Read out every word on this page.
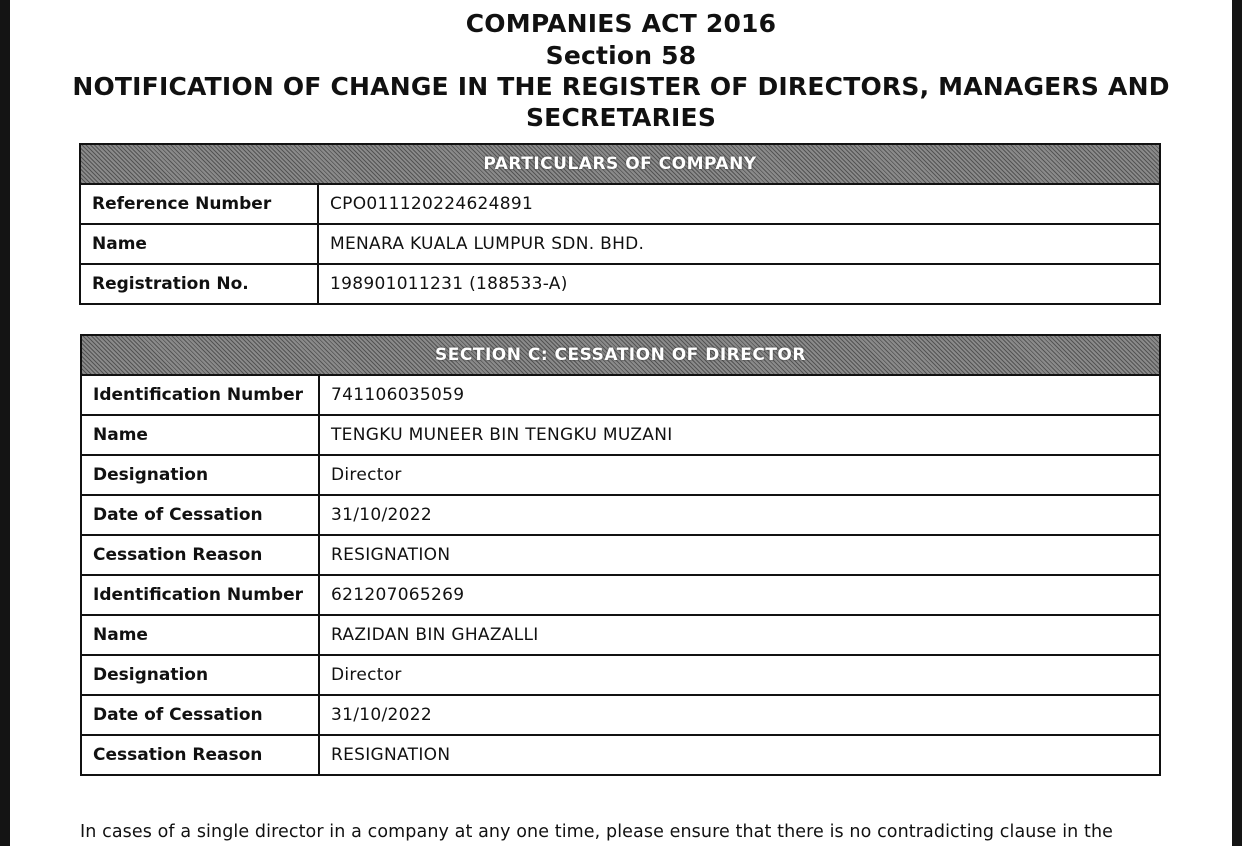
COMPANIES ACT 2016
Section 58
NOTIFICATION OF CHANGE IN THE REGISTER OF DIRECTORS, MANAGERS AND
SECRETARIES
PARTICULARS OF COMPANY	
Reference Number	CPO011120224624891
Name	MENARA KUALA LUMPUR SDN. BHD.
Registration No.	198901011231 (188533-A)
SECTION C: CESSATION OF DIRECTOR	
Identification Number	741106035059
Name	TENGKU MUNEER BIN TENGKU MUZANI
Designation	Director
Date of Cessation	31/10/2022
Cessation Reason	RESIGNATION
Identification Number	621207065269
Name	RAZIDAN BIN GHAZALLI
Designation	Director
Date of Cessation	31/10/2022
Cessation Reason	RESIGNATION
In cases of a single director in a company at any one time, please ensure that there is no contradicting clause in the
